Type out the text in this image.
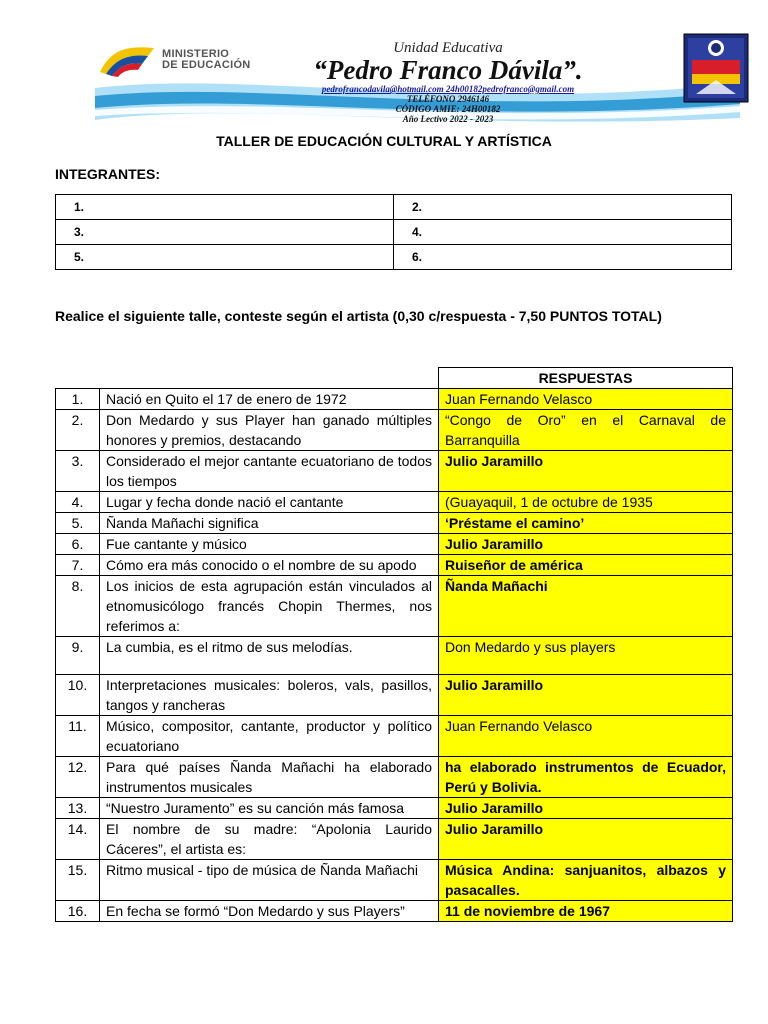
MINISTERIO
DE EDUCACIÓN
Unidad Educativa
“Pedro Franco Dávila”.
pedrofrancodavila@hotmail.com 24h00182pedrofranco@gmail.com
TELÉFONO 2946146
CÓDIGO AMIE: 24H00182
Año Lectivo 2022 - 2023
TALLER DE EDUCACIÓN CULTURAL Y ARTÍSTICA
INTEGRANTES:
1.	2.
3.	4.
5.	6.
Realice el siguiente talle, conteste según el artista (0,30 c/respuesta - 7,50 PUNTOS TOTAL)
		RESPUESTAS
1.	Nació en Quito el 17 de enero de 1972	Juan Fernando Velasco
2.	Don Medardo y sus Player han ganado múltiples honores y premios, destacando	“Congo de Oro” en el Carnaval de Barranquilla
3.	Considerado el mejor cantante ecuatoriano de todos los tiempos	Julio Jaramillo
4.	Lugar y fecha donde nació el cantante	(Guayaquil, 1 de octubre de 1935
5.	Ñanda Mañachi significa	‘Préstame el camino’
6.	Fue cantante y músico	Julio Jaramillo
7.	Cómo era más conocido o el nombre de su apodo	Ruiseñor de américa
8.	Los inicios de esta agrupación están vinculados al etnomusicólogo francés Chopin Thermes, nos referimos a:	Ñanda Mañachi
9.	La cumbia, es el ritmo de sus melodías.	Don Medardo y sus players
10.	Interpretaciones musicales: boleros, vals, pasillos, tangos y rancheras	Julio Jaramillo
11.	Músico, compositor, cantante, productor y político ecuatoriano	Juan Fernando Velasco
12.	Para qué países Ñanda Mañachi ha elaborado instrumentos musicales	ha elaborado instrumentos de Ecuador, Perú y Bolivia.
13.	“Nuestro Juramento” es su canción más famosa	Julio Jaramillo
14.	El nombre de su madre: “Apolonia Laurido Cáceres”, el artista es:	Julio Jaramillo
15.	Ritmo musical - tipo de música de Ñanda Mañachi	Música Andina: sanjuanitos, albazos y pasacalles.
16.	En fecha se formó “Don Medardo y sus Players”	11 de noviembre de 1967
